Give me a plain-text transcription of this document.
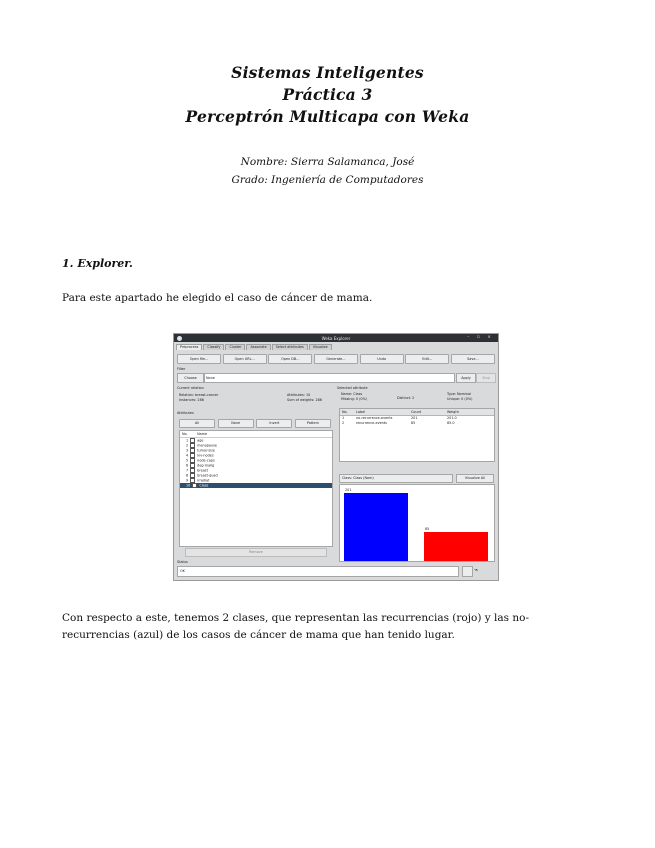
Sistemas Inteligentes
Práctica 3
Perceptrón Multicapa con Weka
Nombre: Sierra Salamanca, José
Grado: Ingeniería de Computadores
1. Explorer.
Para este apartado he elegido el caso de cáncer de mama.
Weka Explorer	– ▫ ×
Preprocess	Classify	Cluster	Associate	Select attributes	Visualize
Open file...	Open URL...	Open DB...	Generate...	Undo	Edit...	Save...
Filter
Choose	None	Apply	Stop
Current relation
Relation: breast-cancer
Instances: 286
Attributes: 10
Sum of weights: 286
Attributes
All	None	Invert	Pattern
No.	Name
1	age
2	menopause
3	tumor-size
4	inv-nodes
5	node-caps
6	deg-malig
7	breast
8	breast-quad
9	irradiat
10	Class
Remove
Selected attribute
Name: Class
Missing: 0 (0%)	Distinct: 2
Type: Nominal
Unique: 0 (0%)
No.	Label	Count	Weight
1	no-recurrence-events	201	201.0
2	recurrence-events	85	85.0
Class: Class (Nom)	Visualize All
201
85
Status
OK	⌁
Con respecto a este, tenemos 2 clases, que representan las recurrencias (rojo) y las no-recurrencias (azul) de los casos de cáncer de mama que han tenido lugar.
